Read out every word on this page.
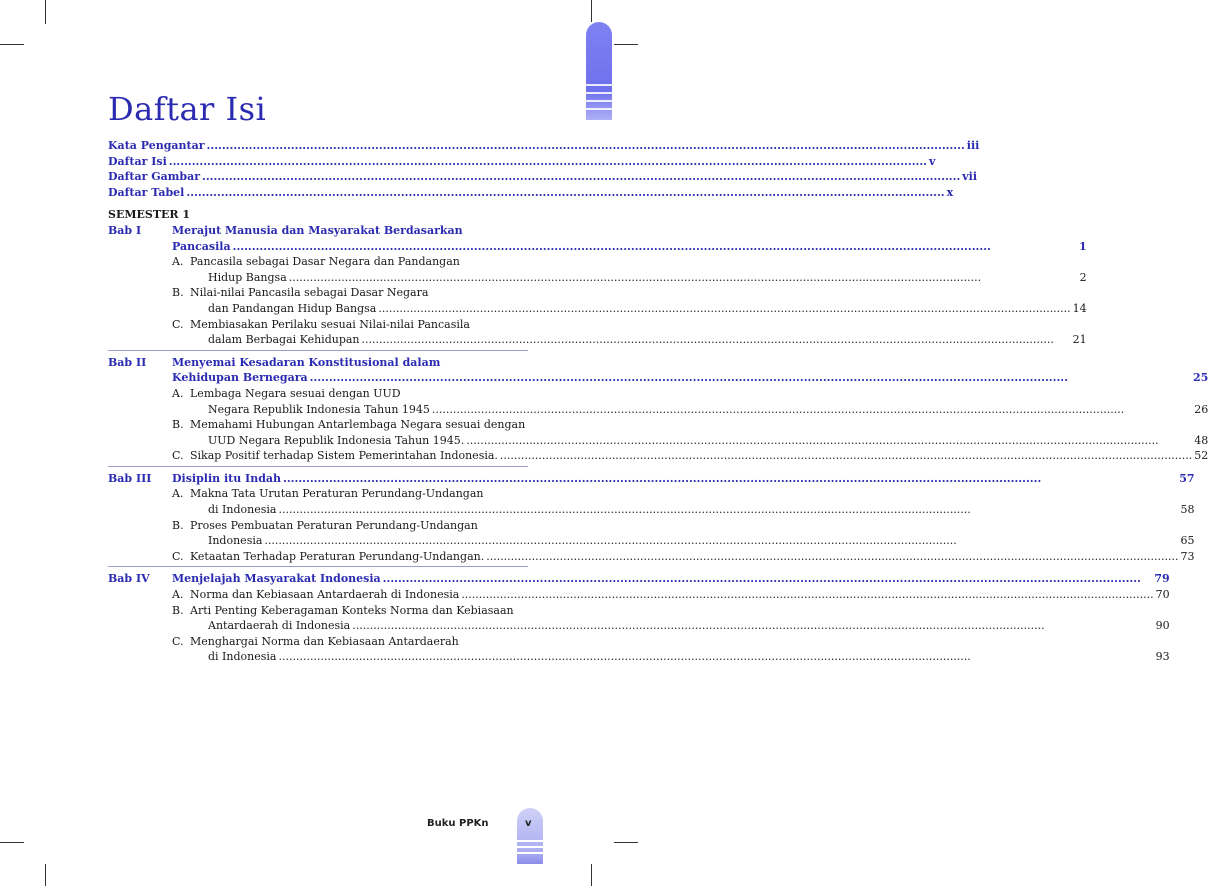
Daftar Isi
Kata Pengantar .....	iii
Daftar Isi .....	v
Daftar Gambar .....	vii
Daftar Tabel .....	x
SEMESTER 1
Bab I	Merajut Manusia dan Masyarakat Berdasarkan
Pancasila .....	1
A. Pancasila sebagai Dasar Negara dan Pandangan
Hidup Bangsa .....	2
B. Nilai-nilai Pancasila sebagai Dasar Negara
dan Pandangan Hidup Bangsa .....	14
C. Membiasakan Perilaku sesuai Nilai-nilai Pancasila
dalam Berbagai Kehidupan .....	21
Bab II	Menyemai Kesadaran Konstitusional dalam
Kehidupan Bernegara .....	25
A. Lembaga Negara sesuai dengan UUD
Negara Republik Indonesia Tahun 1945 .....	26
B. Memahami Hubungan Antarlembaga Negara sesuai dengan
UUD Negara Republik Indonesia Tahun 1945. .....	48
C. Sikap Positif terhadap Sistem Pemerintahan Indonesia. .....	52
Bab III	Disiplin itu Indah .....	57
A. Makna Tata Urutan Peraturan Perundang-Undangan
di Indonesia .....	58
B. Proses Pembuatan Peraturan Perundang-Undangan
Indonesia .....	65
C. Ketaatan Terhadap Peraturan Perundang-Undangan. .....	73
Bab IV	Menjelajah Masyarakat Indonesia .....	79
A. Norma dan Kebiasaan Antardaerah di Indonesia .....	70
B. Arti Penting Keberagaman Konteks Norma dan Kebiasaan
Antardaerah di Indonesia .....	90
C. Menghargai Norma dan Kebiasaan Antardaerah
di Indonesia .....	93
Buku PPKn	v
